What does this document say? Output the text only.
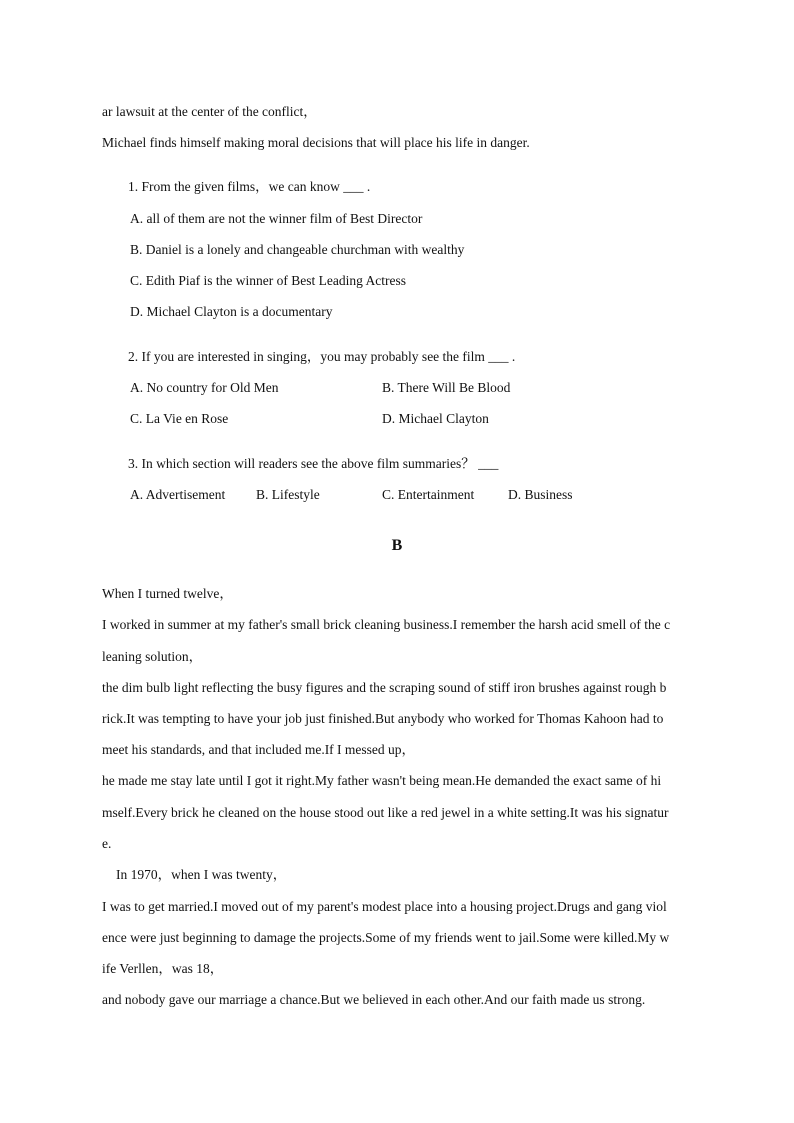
ar lawsuit at the center of the conflict，
Michael finds himself making moral decisions that will place his life in danger.
1. From the given films，we can know ___ .
A. all of them are not the winner film of Best Director
B. Daniel is a lonely and changeable churchman with wealthy
C. Edith Piaf is the winner of Best Leading Actress
D. Michael Clayton is a documentary
2. If you are interested in singing，you may probably see the film ___ .
A. No country for Old Men	B. There Will Be Blood
C. La Vie en Rose	D. Michael Clayton
3. In which section will readers see the above film summaries？ ___
A. Advertisement B. Lifestyle	C. Entertainment	D. Business
B
When I turned twelve，
I worked in summer at my father's small brick cleaning business.I remember the harsh acid smell of the c
leaning solution，
the dim bulb light reflecting the busy figures and the scraping sound of stiff iron brushes against rough b
rick.It was tempting to have your job just finished.But anybody who worked for Thomas Kahoon had to
meet his standards, and that included me.If I messed up，
he made me stay late until I got it right.My father wasn't being mean.He demanded the exact same of hi
mself.Every brick he cleaned on the house stood out like a red jewel in a white setting.It was his signatur
e.
In 1970，when I was twenty，
I was to get married.I moved out of my parent's modest place into a housing project.Drugs and gang viol
ence were just beginning to damage the projects.Some of my friends went to jail.Some were killed.My w
ife Verllen，was 18，
and nobody gave our marriage a chance.But we believed in each other.And our faith made us strong.
